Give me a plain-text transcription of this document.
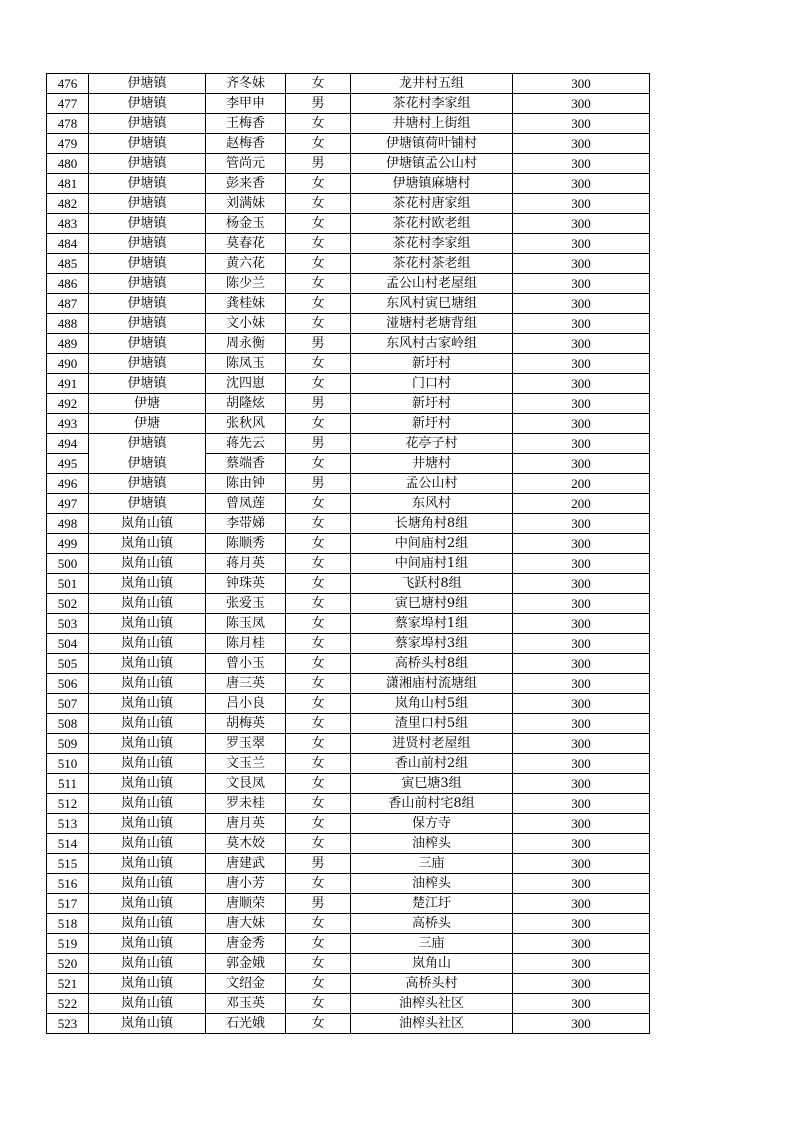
476	伊塘镇	齐冬妹	女	龙井村五组	300
477	伊塘镇	李甲申	男	茶花村李家组	300
478	伊塘镇	王梅香	女	井塘村上街组	300
479	伊塘镇	赵梅香	女	伊塘镇荷叶铺村	300
480	伊塘镇	管尚元	男	伊塘镇孟公山村	300
481	伊塘镇	彭来香	女	伊塘镇麻塘村	300
482	伊塘镇	刘满妹	女	茶花村唐家组	300
483	伊塘镇	杨金玉	女	茶花村欧老组	300
484	伊塘镇	莫春花	女	茶花村李家组	300
485	伊塘镇	黄六花	女	茶花村茶老组	300
486	伊塘镇	陈少兰	女	孟公山村老屋组	300
487	伊塘镇	龚桂妹	女	东风村寅巳塘组	300
488	伊塘镇	文小妹	女	湴塘村老塘背组	300
489	伊塘镇	周永衡	男	东风村古家岭组	300
490	伊塘镇	陈凤玉	女	新圩村	300
491	伊塘镇	沈四崽	女	门口村	300
492	伊塘	胡隆炫	男	新圩村	300
493	伊塘	张秋风	女	新圩村	300
494	伊塘镇	蒋先云	男	花亭子村	300
495	伊塘镇	蔡端香	女	井塘村	300
496	伊塘镇	陈由钟	男	孟公山村	200
497	伊塘镇	曾凤莲	女	东风村	200
498	岚角山镇	李带娣	女	长塘角村8组	300
499	岚角山镇	陈顺秀	女	中间庙村2组	300
500	岚角山镇	蒋月英	女	中间庙村1组	300
501	岚角山镇	钟珠英	女	飞跃村8组	300
502	岚角山镇	张爱玉	女	寅巳塘村9组	300
503	岚角山镇	陈玉凤	女	蔡家埠村1组	300
504	岚角山镇	陈月桂	女	蔡家埠村3组	300
505	岚角山镇	曾小玉	女	高桥头村8组	300
506	岚角山镇	唐三英	女	潇湘庙村流塘组	300
507	岚角山镇	吕小良	女	岚角山村5组	300
508	岚角山镇	胡梅英	女	渣里口村5组	300
509	岚角山镇	罗玉翠	女	进贤村老屋组	300
510	岚角山镇	文玉兰	女	香山前村2组	300
511	岚角山镇	文艮凤	女	寅巳塘3组	300
512	岚角山镇	罗未桂	女	香山前村宅8组	300
513	岚角山镇	唐月英	女	保方寺	300
514	岚角山镇	莫木姣	女	油榨头	300
515	岚角山镇	唐建武	男	三庙	300
516	岚角山镇	唐小芳	女	油榨头	300
517	岚角山镇	唐顺荣	男	楚江圩	300
518	岚角山镇	唐大妹	女	高桥头	300
519	岚角山镇	唐金秀	女	三庙	300
520	岚角山镇	郭金娥	女	岚角山	300
521	岚角山镇	文绍金	女	高桥头村	300
522	岚角山镇	邓玉英	女	油榨头社区	300
523	岚角山镇	石光娥	女	油榨头社区	300
